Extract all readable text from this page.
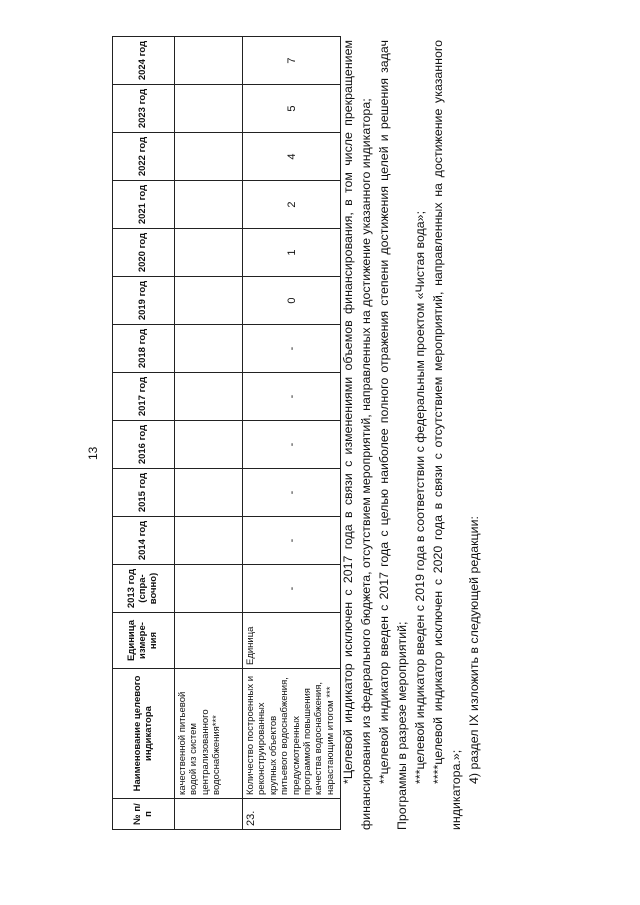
13
№ п/п	Наименование целевого индикатора	Единица измере-ния	2013 год (спра-вочно)	2014 год	2015 год	2016 год	2017 год	2018 год	2019 год	2020 год	2021 год	2022 год	2023 год	2024 год
	качественной питьевой водой из систем централизованного водоснабжения***													
23.	Количество построенных и реконструированных крупных объектов питьевого водоснабжения, предусмотренных программой повышения качества водоснабжения, нарастающим итогом ***	Единица	-	-	-	-	-	-	0	1	2	4	5	7	*Целевой индикатор исключен с 2017 года в связи с изменениями объемов финансирования, в том числе прекращением финансирования из федерального бюджета, отсутствием мероприятий, направленных на достижение указанного индикатора; **целевой индикатор введен с 2017 года с целью наиболее полного отражения степени достижения целей и решения задач Программы в разрезе мероприятий; ***целевой индикатор введен с 2019 года в соответствии с федеральным проектом «Чистая вода»; ****целевой индикатор исключен с 2020 года в связи с отсутствием мероприятий, направленных на достижение указанного индикатора.»;

4) раздел IX изложить в следующей редакции:
